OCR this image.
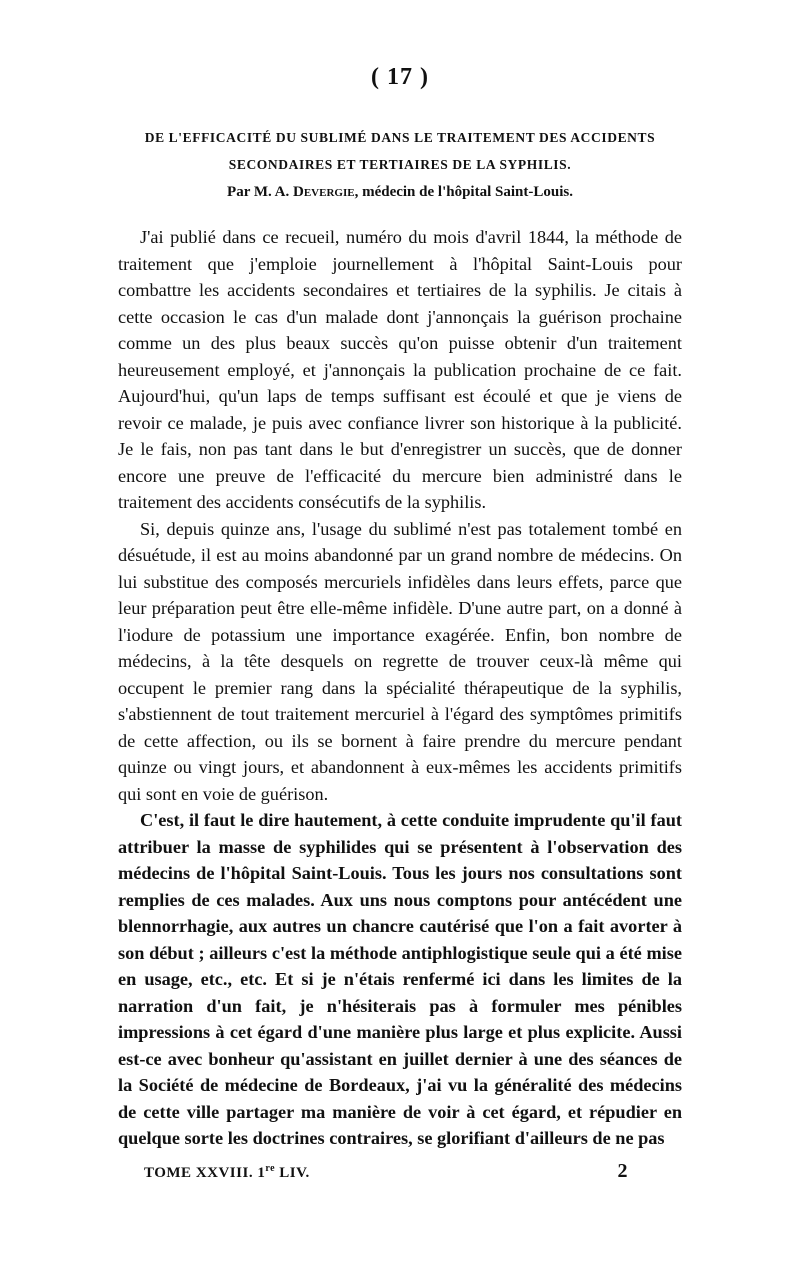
( 17 )
DE L'EFFICACITÉ DU SUBLIMÉ DANS LE TRAITEMENT DES ACCIDENTS
SECONDAIRES ET TERTIAIRES DE LA SYPHILIS.
Par M. A. Devergie, médecin de l'hôpital Saint-Louis.

J'ai publié dans ce recueil, numéro du mois d'avril 1844, la méthode de traitement que j'emploie journellement à l'hôpital Saint-Louis pour combattre les accidents secondaires et tertiaires de la syphilis. Je citais à cette occasion le cas d'un malade dont j'annonçais la guérison prochaine comme un des plus beaux succès qu'on puisse obtenir d'un traitement heureusement employé, et j'annonçais la publication prochaine de ce fait. Aujourd'hui, qu'un laps de temps suffisant est écoulé et que je viens de revoir ce malade, je puis avec confiance livrer son historique à la publicité. Je le fais, non pas tant dans le but d'enregistrer un succès, que de donner encore une preuve de l'efficacité du mercure bien administré dans le traitement des accidents consécutifs de la syphilis.

Si, depuis quinze ans, l'usage du sublimé n'est pas totalement tombé en désuétude, il est au moins abandonné par un grand nombre de médecins. On lui substitue des composés mercuriels infidèles dans leurs effets, parce que leur préparation peut être elle-même infidèle. D'une autre part, on a donné à l'iodure de potassium une importance exagérée. Enfin, bon nombre de médecins, à la tête desquels on regrette de trouver ceux-là même qui occupent le premier rang dans la spécialité thérapeutique de la syphilis, s'abstiennent de tout traitement mercuriel à l'égard des symptômes primitifs de cette affection, ou ils se bornent à faire prendre du mercure pendant quinze ou vingt jours, et abandonnent à eux-mêmes les accidents primitifs qui sont en voie de guérison.

C'est, il faut le dire hautement, à cette conduite imprudente qu'il faut attribuer la masse de syphilides qui se présentent à l'observation des médecins de l'hôpital Saint-Louis. Tous les jours nos consultations sont remplies de ces malades. Aux uns nous comptons pour antécédent une blennorrhagie, aux autres un chancre cautérisé que l'on a fait avorter à son début ; ailleurs c'est la méthode antiphlogistique seule qui a été mise en usage, etc., etc. Et si je n'étais renfermé ici dans les limites de la narration d'un fait, je n'hésiterais pas à formuler mes pénibles impressions à cet égard d'une manière plus large et plus explicite. Aussi est-ce avec bonheur qu'assistant en juillet dernier à une des séances de la Société de médecine de Bordeaux, j'ai vu la généralité des médecins de cette ville partager ma manière de voir à cet égard, et répudier en quelque sorte les doctrines contraires, se glorifiant d'ailleurs de ne pas

TOME XXVIII. 1re LIV.	2
